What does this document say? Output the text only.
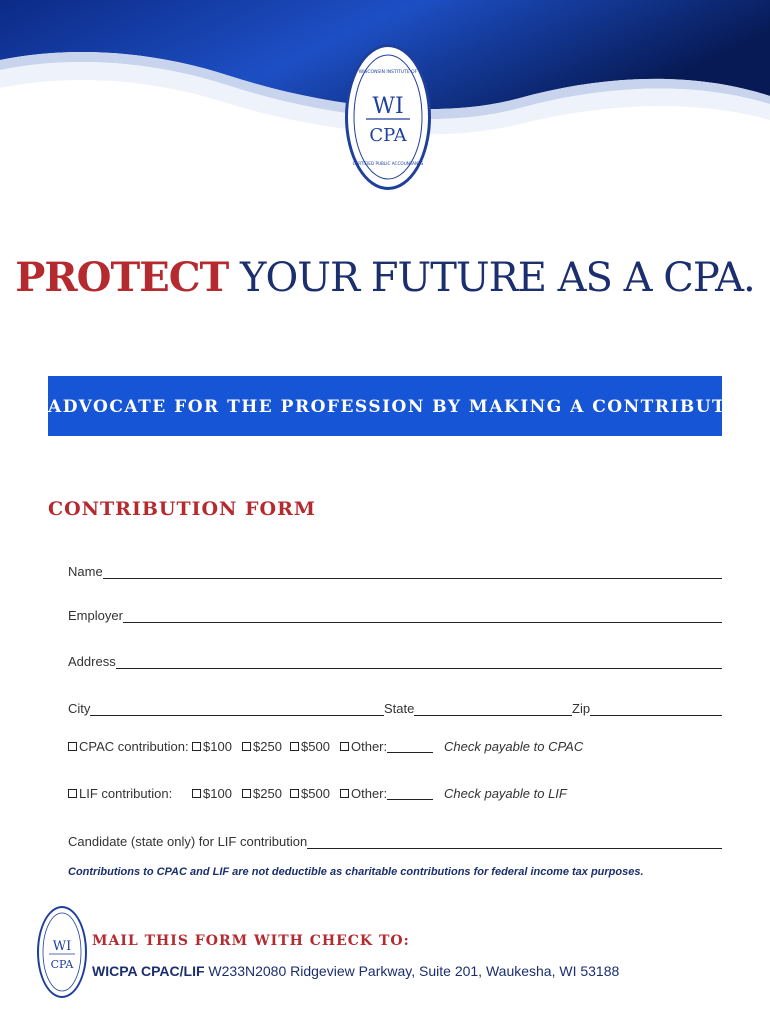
WI
CPA
WISCONSIN INSTITUTE OF
CERTIFIED PUBLIC ACCOUNTANTS
PROTECT YOUR FUTURE AS A CPA.
ADVOCATE FOR THE PROFESSION BY MAKING A CONTRIBUTION
CONTRIBUTION FORM
Name
Employer
Address
City	State	Zip
CPAC contribution: $100 $250 $500 Other:	Check payable to CPAC
LIF contribution: $100 $250 $500 Other:	Check payable to LIF
Candidate (state only) for LIF contribution
Contributions to CPAC and LIF are not deductible as charitable contributions for federal income tax purposes.
WI
CPA
MAIL THIS FORM WITH CHECK TO:
WICPA CPAC/LIF W233N2080 Ridgeview Parkway, Suite 201, Waukesha, WI 53188
